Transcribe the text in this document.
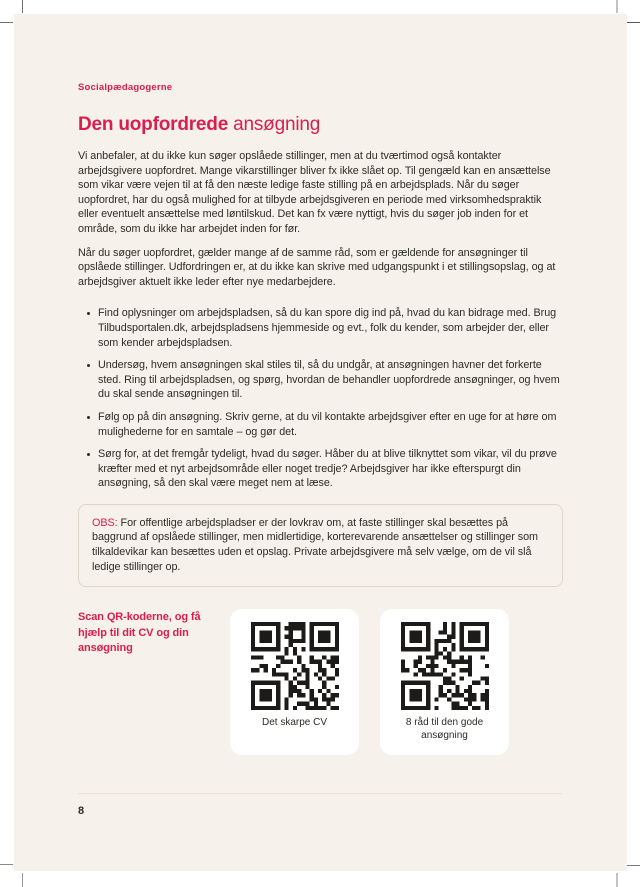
Socialpædagogerne
Den uopfordrede ansøgning

Vi anbefaler, at du ikke kun søger opslåede stillinger, men at du tværtimod også kontakter arbejdsgivere uopfordret. Mange vikarstillinger bliver fx ikke slået op. Til gengæld kan en ansættelse som vikar være vejen til at få den næste ledige faste stilling på en arbejdsplads. Når du søger uopfordret, har du også mulighed for at tilbyde arbejdsgiveren en periode med virksomhedspraktik eller eventuelt ansættelse med løntilskud. Det kan fx være nyttigt, hvis du søger job inden for et område, som du ikke har arbejdet inden for før.

Når du søger uopfordret, gælder mange af de samme råd, som er gældende for ansøgninger til opslåede stillinger. Udfordringen er, at du ikke kan skrive med udgangspunkt i et stillingsopslag, og at arbejdsgiver aktuelt ikke leder efter nye medarbejdere.

Find oplysninger om arbejdspladsen, så du kan spore dig ind på, hvad du kan bidrage med. Brug Tilbudsportalen.dk, arbejdspladsens hjemmeside og evt., folk du kender, som arbejder der, eller som kender arbejdspladsen.
Undersøg, hvem ansøgningen skal stiles til, så du undgår, at ansøgningen havner det forkerte sted. Ring til arbejdspladsen, og spørg, hvordan de behandler uopfordrede ansøgninger, og hvem du skal sende ansøgningen til.
Følg op på din ansøgning. Skriv gerne, at du vil kontakte arbejdsgiver efter en uge for at høre om mulighederne for en samtale – og gør det.
Sørg for, at det fremgår tydeligt, hvad du søger. Håber du at blive tilknyttet som vikar, vil du prøve kræfter med et nyt arbejdsområde eller noget tredje? Arbejdsgiver har ikke efterspurgt din ansøgning, så den skal være meget nem at læse.
OBS: For offentlige arbejdspladser er der lovkrav om, at faste stillinger skal besættes på baggrund af opslåede stillinger, men midlertidige, korterevarende ansættelser og stillinger som tilkaldevikar kan besættes uden et opslag. Private arbejdsgivere må selv vælge, om de vil slå ledige stillinger op.
Scan QR-koderne, og få hjælp til dit CV og din ansøgning
Det skarpe CV	8 råd til den gode ansøgning
8
